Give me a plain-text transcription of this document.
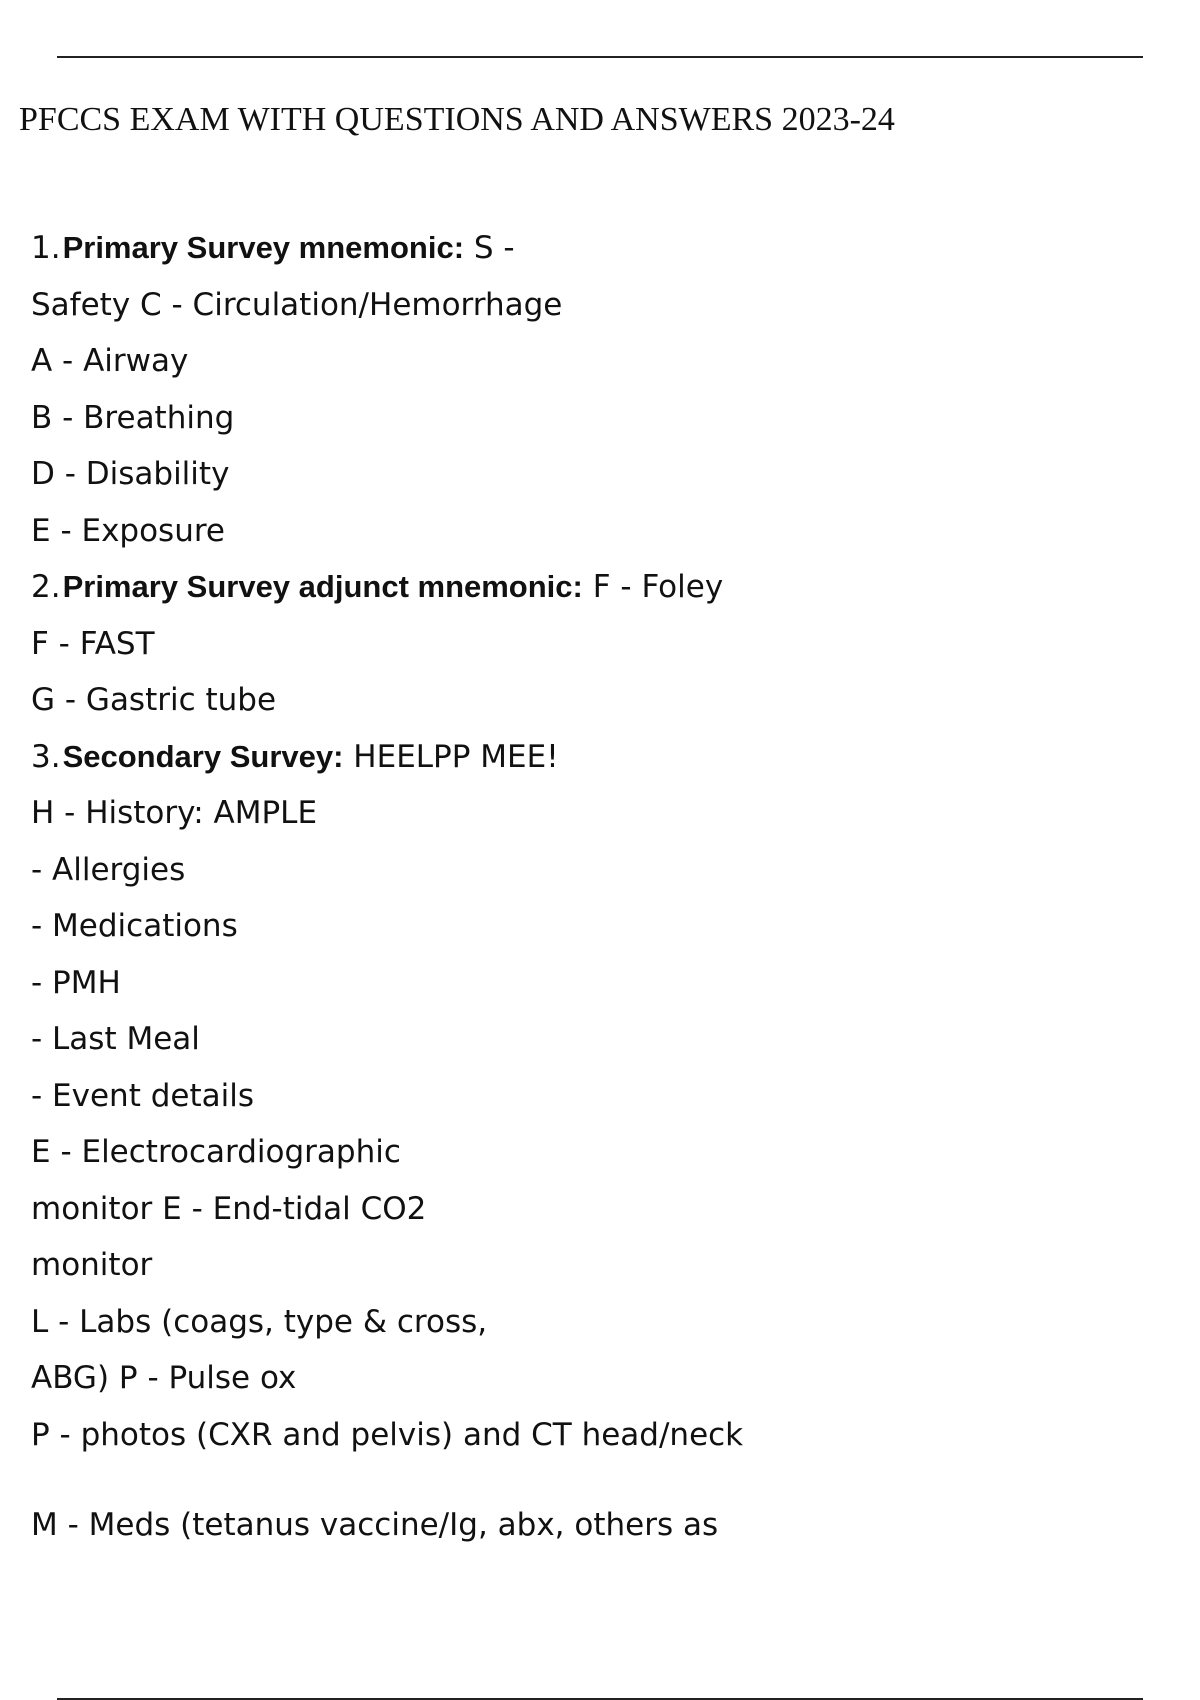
PFCCS EXAM WITH QUESTIONS AND ANSWERS 2023-24
1.Primary Survey mnemonic: S -
Safety C - Circulation/Hemorrhage
A - Airway
B - Breathing
D - Disability
E - Exposure
2.Primary Survey adjunct mnemonic: F - Foley
F - FAST
G - Gastric tube
3.Secondary Survey: HEELPP MEE!
H - History: AMPLE
- Allergies
- Medications
- PMH
- Last Meal
- Event details
E - Electrocardiographic
monitor E - End-tidal CO2
monitor
L - Labs (coags, type & cross,
ABG) P - Pulse ox
P - photos (CXR and pelvis) and CT head/neck
M - Meds (tetanus vaccine/Ig, abx, others as
